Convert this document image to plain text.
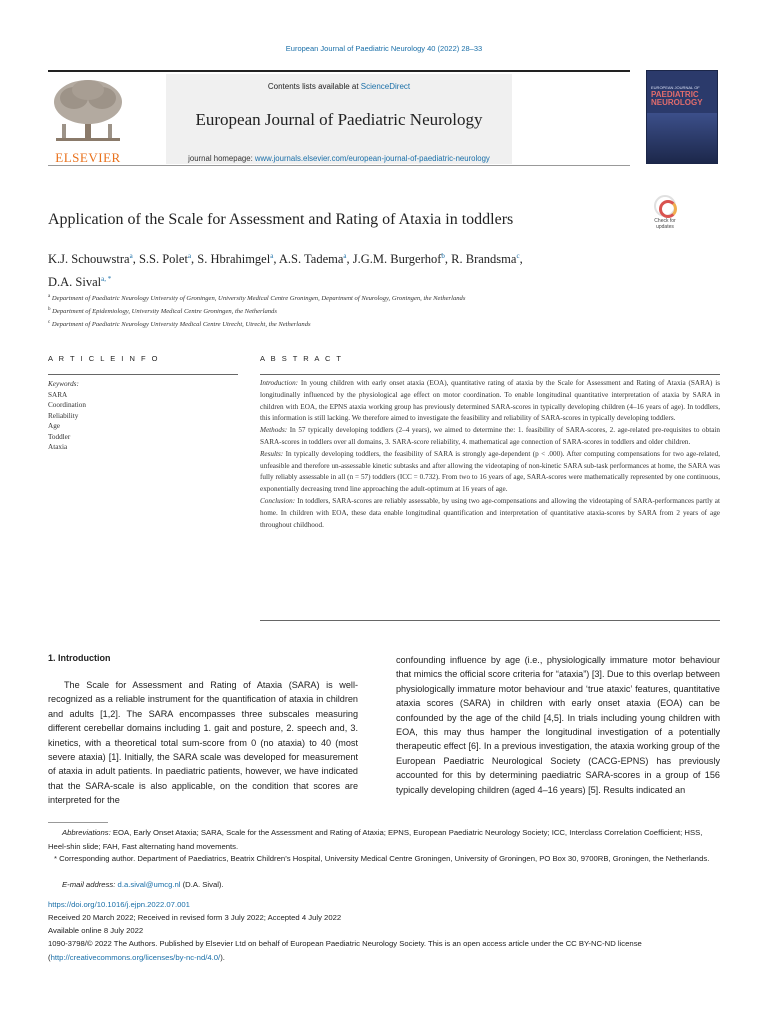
European Journal of Paediatric Neurology 40 (2022) 28–33
ELSEVIER
Contents lists available at ScienceDirect
European Journal of Paediatric Neurology
journal homepage: www.journals.elsevier.com/european-journal-of-paediatric-neurology
EUROPEAN JOURNAL OF
PAEDIATRIC NEUROLOGY
Application of the Scale for Assessment and Rating of Ataxia in toddlers	Check for updates
K.J. Schouwstra$^a$, S.S. Polet$^a$, S. Hbrahimgel$^a$, A.S. Tadema$^a$, J.G.M. Burgerhof$^b$, R. Brandsma$^c$,
D.A. Sival$^{a, *}$
$^a$ Department of Paediatric Neurology University of Groningen, University Medical Centre Groningen, Department of Neurology, Groningen, the Netherlands
$^b$ Department of Epidemiology, University Medical Centre Groningen, the Netherlands
$^c$ Department of Paediatric Neurology University Medical Centre Utrecht, Utrecht, the Netherlands
A R T I C L E I N F O	A B S T R A C T
Keywords:
SARA
Coordination
Reliability
Age
Toddler
Ataxia

Introduction: In young children with early onset ataxia (EOA), quantitative rating of ataxia by the Scale for Assessment and Rating of Ataxia (SARA) is longitudinally influenced by the physiological age effect on motor coordination. To enable longitudinal quantitative interpretation of ataxia by SARA in children with EOA, the EPNS ataxia working group has previously determined SARA-scores in typically developing children (4–16 years of age). In toddlers, this information is still lacking. We therefore aimed to investigate the feasibility and reliability of SARA-scores in typically developing toddlers.

Methods: In 57 typically developing toddlers (2–4 years), we aimed to determine the: 1. feasibility of SARA-scores, 2. age-related pre-requisites to obtain SARA-scores in toddlers over all domains, 3. SARA-score reliability, 4. mathematical age connection of SARA-scores in toddlers and older children.

Results: In typically developing toddlers, the feasibility of SARA is strongly age-dependent (p < .000). After computing compensations for two age-related, unfeasible and therefore un-assessable kinetic subtasks and after allowing the videotaping of non-kinetic SARA sub-task performances at home, the SARA was fully reliably assessable in all (n = 57) toddlers (ICC = 0.732). From two to 16 years of age, SARA-scores were mathematically represented by one continuous, exponentially decreasing trend line approaching the adult-optimum at 16 years of age.

Conclusion: In toddlers, SARA-scores are reliably assessable, by using two age-compensations and allowing the videotaping of SARA-performances partly at home. In children with EOA, these data enable longitudinal quantification and interpretation of quantitative ataxia-scores by SARA from 2 years of age throughout childhood.

1. Introduction
The Scale for Assessment and Rating of Ataxia (SARA) is well-recognized as a reliable instrument for the quantification of ataxia in children and adults [1,2]. The SARA encompasses three subscales measuring different cerebellar domains including 1. gait and posture, 2. speech and, 3. kinetics, with a theoretical total sum-score from 0 (no ataxia) to 40 (most severe ataxia) [1]. Initially, the SARA scale was developed for measurement of ataxia in adult patients. In paediatric patients, however, we have indicated that the SARA-scale is also applicable, on the condition that scores are interpreted for the
confounding influence by age (i.e., physiologically immature motor behaviour that mimics the official score criteria for “ataxia”) [3]. Due to this overlap between physiologically immature motor behaviour and ‘true ataxic’ features, quantitative ataxia scores (SARA) in children with early onset ataxia (EOA) can be confounded by the age of the child [4,5]. In trials including young children with EOA, this may thus hamper the longitudinal investigation of a potentially therapeutic effect [6]. In a previous investigation, the ataxia working group of the European Paediatric Neurological Society (CACG-EPNS) has previously accounted for this by determining paediatric SARA-scores in a group of 156 typically developing children (aged 4–16 years) [5]. Results indicated an
Abbreviations: EOA, Early Onset Ataxia; SARA, Scale for the Assessment and Rating of Ataxia; EPNS, European Paediatric Neurology Society; ICC, Interclass Correlation Coefficient; HSS, Heel-shin slide; FAH, Fast alternating hand movements.
* Corresponding author. Department of Paediatrics, Beatrix Children’s Hospital, University Medical Centre Groningen, University of Groningen, PO Box 30, 9700RB, Groningen, the Netherlands.
E-mail address: d.a.sival@umcg.nl (D.A. Sival).
https://doi.org/10.1016/j.ejpn.2022.07.001
Received 20 March 2022; Received in revised form 3 July 2022; Accepted 4 July 2022
Available online 8 July 2022
1090-3798/© 2022 The Authors. Published by Elsevier Ltd on behalf of European Paediatric Neurology Society. This is an open access article under the CC BY-NC-ND license (http://creativecommons.org/licenses/by-nc-nd/4.0/).
